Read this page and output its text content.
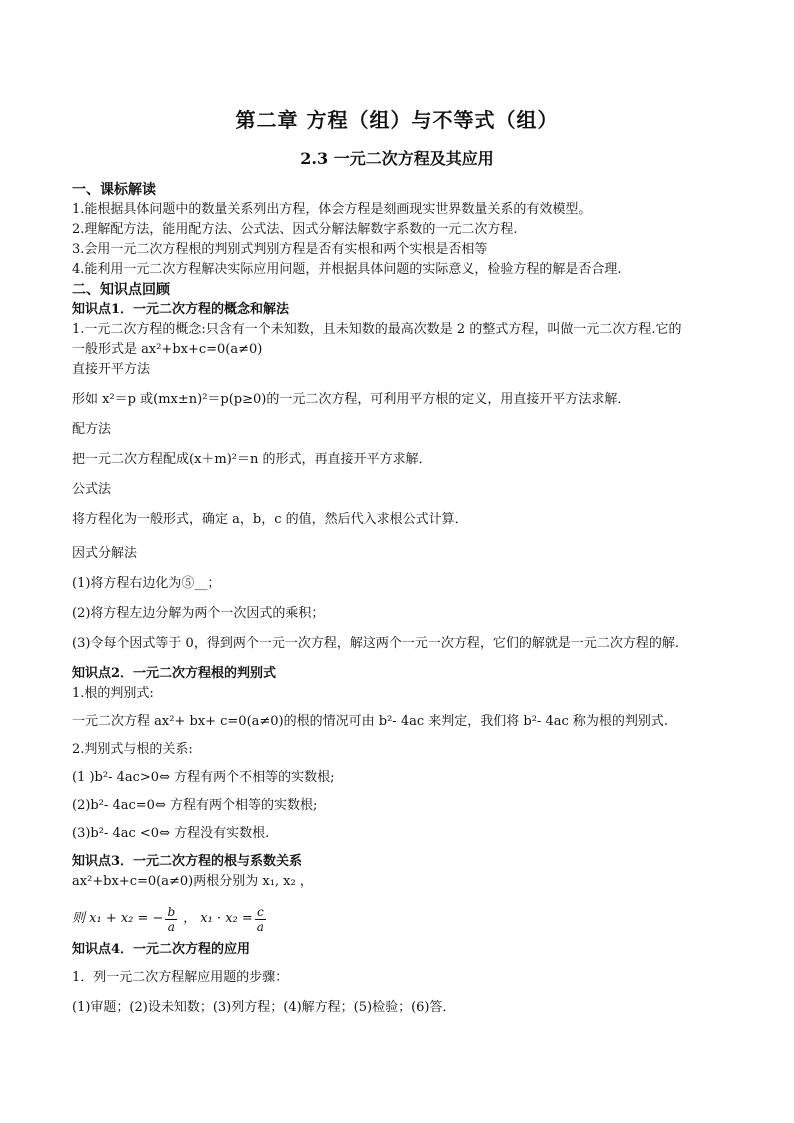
第二章 方程（组）与不等式（组）
2.3 一元二次方程及其应用
一、课标解读
1.能根据具体问题中的数量关系列出方程，体会方程是刻画现实世界数量关系的有效模型。
2.理解配方法，能用配方法、公式法、因式分解法解数字系数的一元二次方程.
3.会用一元二次方程根的判别式判别方程是否有实根和两个实根是否相等
4.能利用一元二次方程解决实际应用问题，并根据具体问题的实际意义，检验方程的解是否合理.
二、知识点回顾
知识点1．一元二次方程的概念和解法
1.一元二次方程的概念:只含有一个未知数，且未知数的最高次数是 2 的整式方程，叫做一元二次方程.它的
一般形式是 ax²+bx+c=0(a≠0)
直接开平方法
形如 x²＝p 或(mx±n)²＝p(p≥0)的一元二次方程，可利用平方根的定义，用直接开平方法求解．
配方法
把一元二次方程配成(x＋m)²＝n 的形式，再直接开平方求解．
公式法
将方程化为一般形式，确定 a，b，c 的值，然后代入求根公式计算．
因式分解法
(1)将方程右边化为⑤__；
(2)将方程左边分解为两个一次因式的乘积；
(3)令每个因式等于 0，得到两个一元一次方程，解这两个一元一次方程，它们的解就是一元二次方程的解.
知识点2．一元二次方程根的判别式
1.根的判别式:
一元二次方程 ax²+ bx+ c=0(a≠0)的根的情况可由 b²- 4ac 来判定，我们将 b²- 4ac 称为根的判别式.
2.判别式与根的关系:
(1 )b²- 4ac>0⇔ 方程有两个不相等的实数根;
(2)b²- 4ac=0⇔ 方程有两个相等的实数根;
(3)b²- 4ac <0⇔ 方程没有实数根.
知识点3．一元二次方程的根与系数关系
ax²+bx+c=0(a≠0)两根分别为 x₁, x₂ ，
则 x₁ + x₂ = − $\frac{b}{a}$ ， $x_1 \cdot x_2 = \frac{c}{a}$
知识点4．一元二次方程的应用
1．列一元二次方程解应用题的步骤：
(1)审题；(2)设未知数；(3)列方程；(4)解方程；(5)检验；(6)答．
